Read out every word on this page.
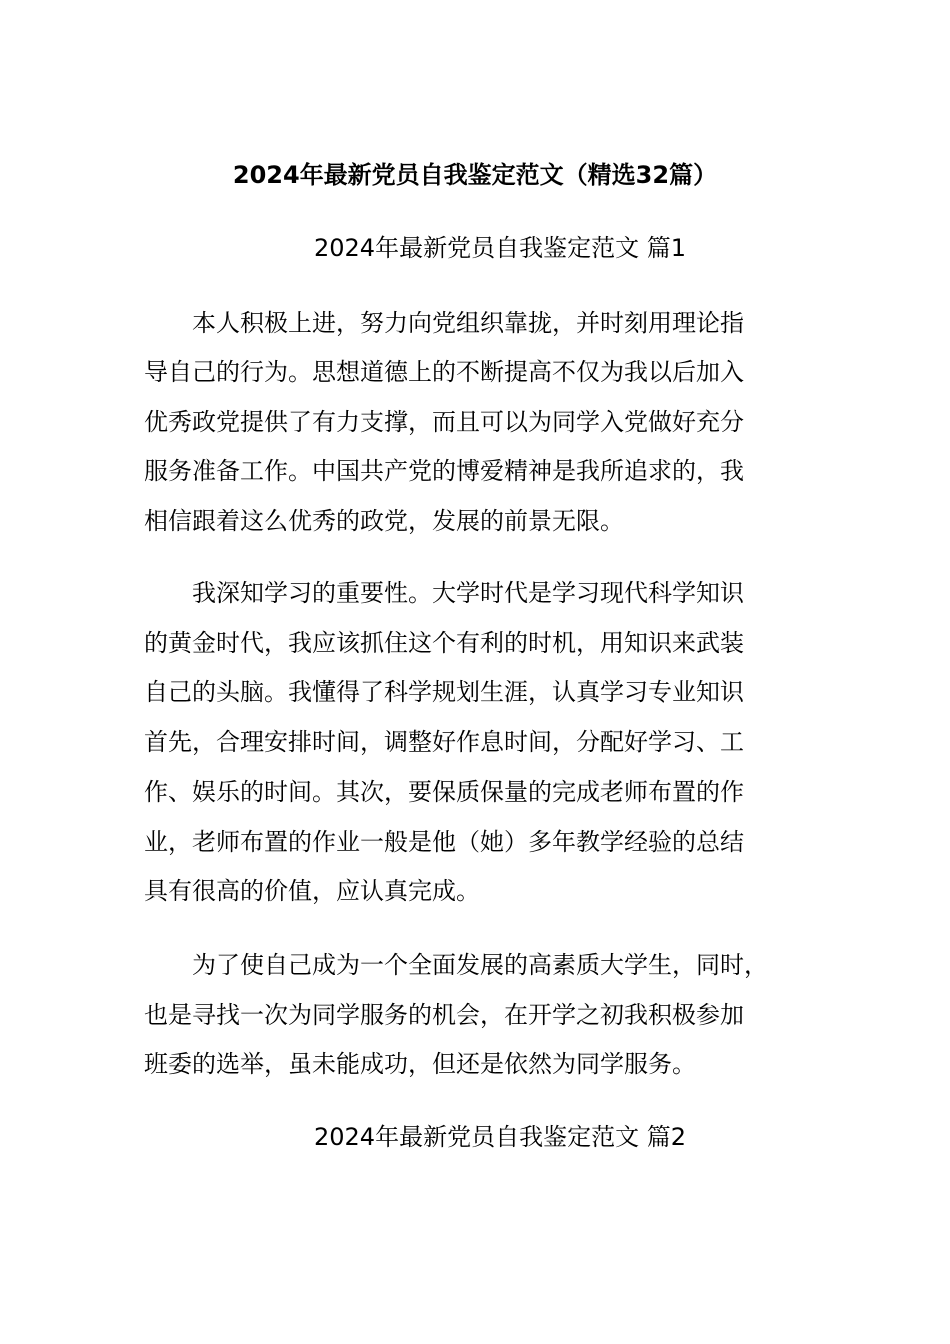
2024年最新党员自我鉴定范文（精选32篇）
2024年最新党员自我鉴定范文 篇1
本人积极上进，努力向党组织靠拢，并时刻用理论指
导自己的行为。思想道德上的不断提高不仅为我以后加入
优秀政党提供了有力支撑，而且可以为同学入党做好充分
服务准备工作。中国共产党的博爱精神是我所追求的，我
相信跟着这么优秀的政党，发展的前景无限。
我深知学习的重要性。大学时代是学习现代科学知识
的黄金时代，我应该抓住这个有利的时机，用知识来武装
自己的头脑。我懂得了科学规划生涯，认真学习专业知识
首先，合理安排时间，调整好作息时间，分配好学习、工
作、娱乐的时间。其次，要保质保量的完成老师布置的作
业，老师布置的作业一般是他（她）多年教学经验的总结
具有很高的价值，应认真完成。
为了使自己成为一个全面发展的高素质大学生，同时，
也是寻找一次为同学服务的机会，在开学之初我积极参加
班委的选举，虽未能成功，但还是依然为同学服务。
2024年最新党员自我鉴定范文 篇2
